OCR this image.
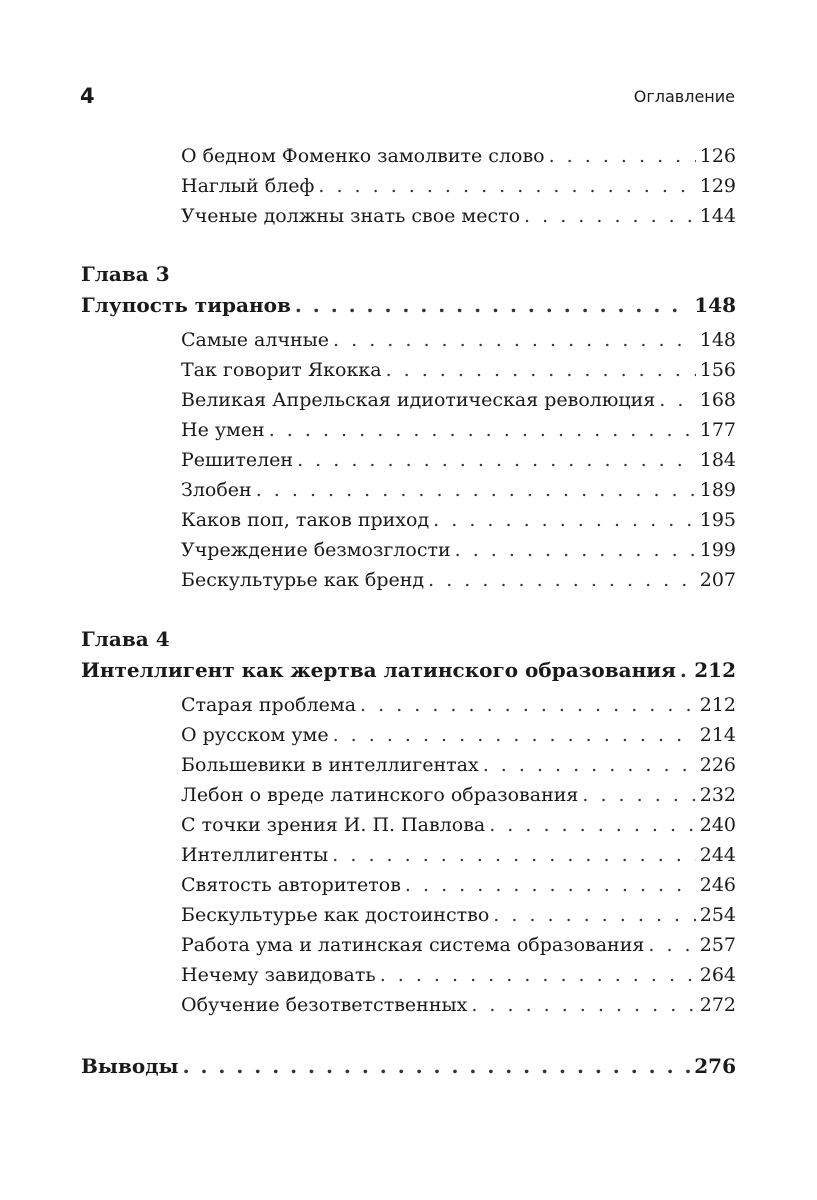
4	Оглавление
О бедном Фоменко замолвите слово . . .	126
Наглый блеф . . .	129
Ученые должны знать свое место . . .	144
Глава 3
Глупость тиранов . . .	148
Самые алчные . . .	148
Так говорит Якокка . . .	156
Великая Апрельская идиотическая революция . . . 168
Не умен . . .	177
Решителен . . .	184
Злобен . . .	189
Каков поп, таков приход . . .	195
Учреждение безмозглости . . .	199
Бескультурье как бренд . . .	207
Глава 4
Интеллигент как жертва латинского образования . . . 212
Старая проблема . . .	212
О русском уме . . .	214
Большевики в интеллигентах . . .	226
Лебон о вреде латинского образования . . .	232
С точки зрения И. П. Павлова . . .	240
Интеллигенты . . .	244
Святость авторитетов . . .	246
Бескультурье как достоинство . . .	254
Работа ума и латинская система образования . . .	257
Нечему завидовать . . .	264
Обучение безответственных . . .	272
Выводы . . .	276
